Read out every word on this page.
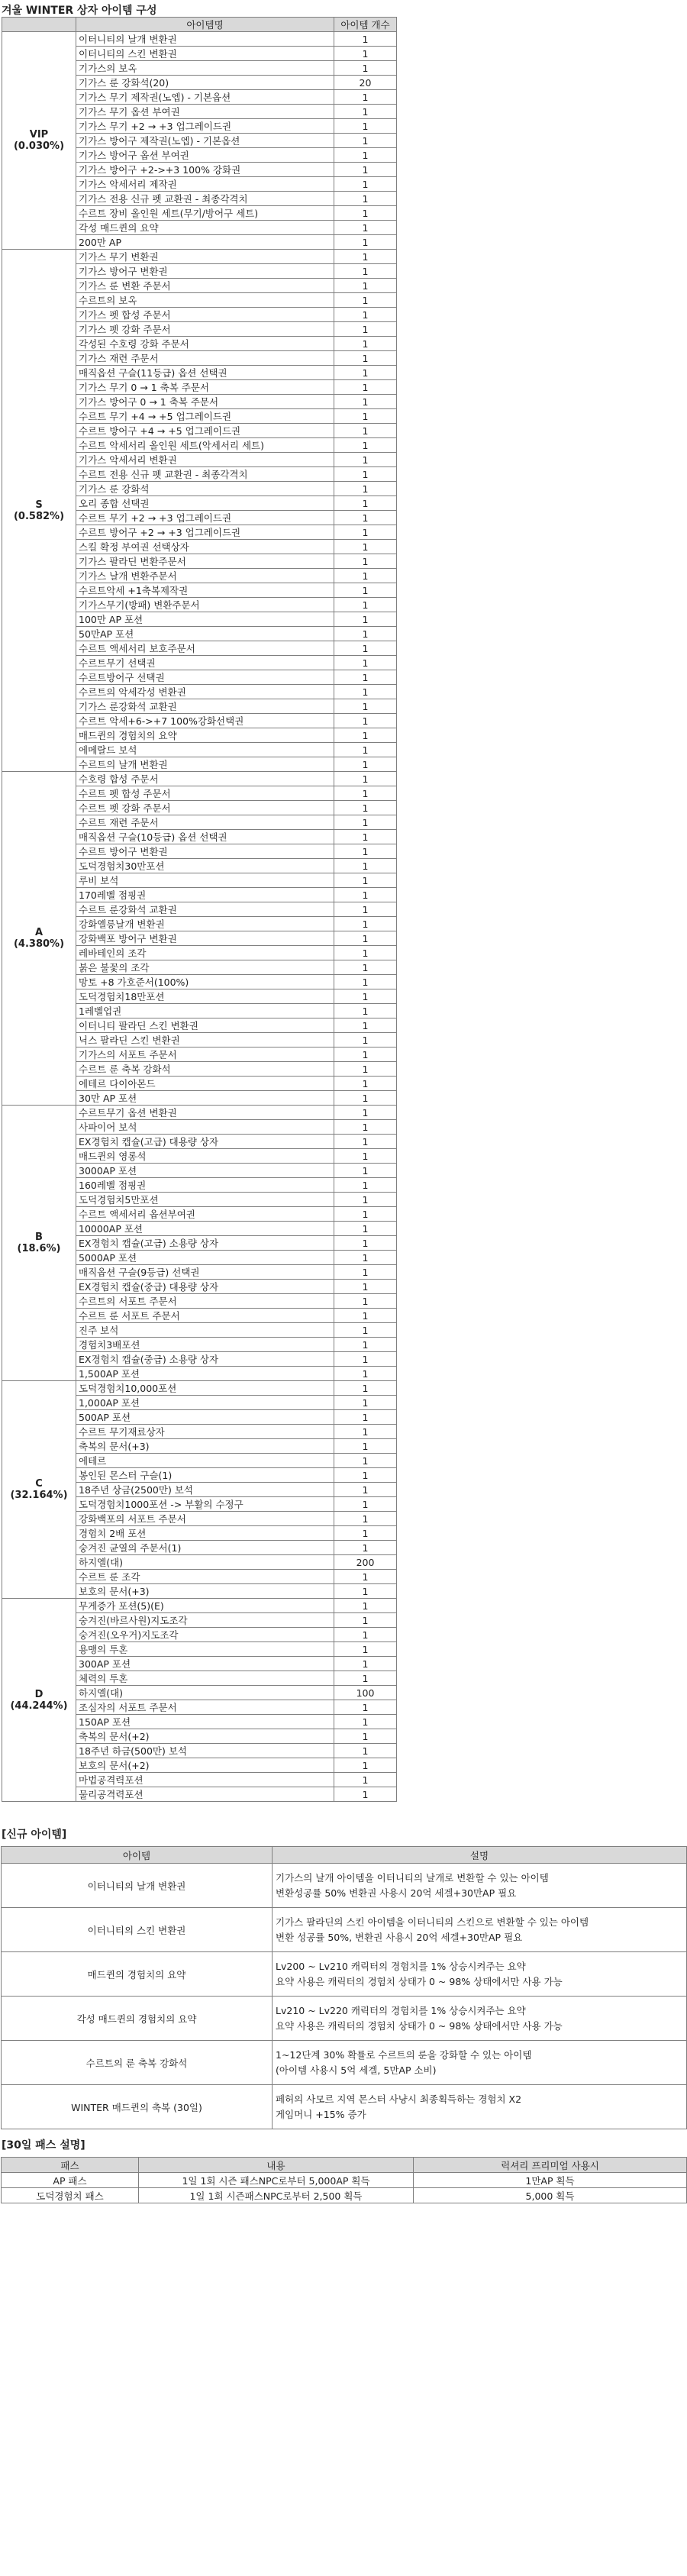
겨울 WINTER 상자 아이템 구성
	아이템명	아이템 개수

VIP
(0.030%)	이터니티의 날개 변환권	1
	이터니티의 스킨 변환권	1
	기가스의 보옥	1
	기가스 룬 강화석(20)	20
	기가스 무기 제작권(노엡) - 기본옵션	1
	기가스 무기 옵션 부여권	1
	기가스 무기 +2 → +3 업그레이드권	1
	기가스 방어구 제작권(노엡) - 기본옵션	1
	기가스 방어구 옵션 부여권	1
	기가스 방어구 +2->+3 100% 강화권	1
	기가스 악세서리 제작권	1
	기가스 전용 신규 펫 교환권 - 최종각격치	1
	수르트 장비 올인원 세트(무기/방어구 세트)	1
	각성 매드퀸의 요약	1
	200만 AP	1

S
(0.582%)	기가스 무기 변환권	1
	기가스 방어구 변환권	1
	기가스 룬 변환 주문서	1
	수르트의 보옥	1
	기가스 펫 합성 주문서	1
	기가스 펫 강화 주문서	1
	각성된 수호령 강화 주문서	1
	기가스 재련 주문서	1
	매직옵션 구슬(11등급) 옵션 선택권	1
	기가스 무기 0 → 1 축복 주문서	1
	기가스 방어구 0 → 1 축복 주문서	1
	수르트 무기 +4 → +5 업그레이드권	1
	수르트 방어구 +4 → +5 업그레이드권	1
	수르트 악세서리 올인원 세트(악세서리 세트)	1
	기가스 악세서리 변환권	1
	수르트 전용 신규 펫 교환권 - 최종각격치	1
	기가스 룬 강화석	1
	오리 종합 선택권	1
	수르트 무기 +2 → +3 업그레이드권	1
	수르트 방어구 +2 → +3 업그레이드권	1
	스킬 확정 부여권 선택상자	1
	기가스 팔라딘 변환주문서	1
	기가스 날개 변환주문서	1
	수르트악세 +1축복제작권	1
	기가스무기(방패) 변환주문서	1
	100만 AP 포션	1
	50만AP 포션	1
	수르트 액세서리 보호주문서	1
	수르트무기 선택권	1
	수르트방어구 선택권	1
	수르트의 악세각성 변환권	1
	기가스 룬강화석 교환권	1
	수르트 악세+6->+7 100%강화선택권	1
	매드퀸의 경험치의 요약	1
	에메랄드 보석	1
	수르트의 날개 변환권	1

A
(4.380%)	수호령 합성 주문서	1
	수르트 펫 합성 주문서	1
	수르트 펫 강화 주문서	1
	수르트 재련 주문서	1
	매직옵션 구슬(10등급) 옵션 선택권	1
	수르트 방어구 변환권	1
	도덕경험치30만포션	1
	루비 보석	1
	170레벨 점핑권	1
	수르트 룬강화석 교환권	1
	강화엘릉날개 변환권	1
	강화백포 방어구 변환권	1
	레바테인의 조각	1
	붉은 불꽃의 조각	1
	망토 +8 가호준서(100%)	1
	도덕경험치18만포션	1
	1레벨업권	1
	이터니티 팔라딘 스킨 변환권	1
	닉스 팔라딘 스킨 변환권	1
	기가스의 서포트 주문서	1
	수르트 룬 축복 강화석	1
	에테르 다이아몬드	1
	30만 AP 포션	1

B
(18.6%)	수르트무기 옵션 변환권	1
	사파이어 보석	1
	EX경험치 캡슐(고급) 대용량 상자	1
	매드퀸의 영롱석	1
	3000AP 포션	1
	160레벨 점핑권	1
	도덕경험치5만포션	1
	수르트 액세서리 옵션부여권	1
	10000AP 포션	1
	EX경험치 캡슐(고급) 소용량 상자	1
	5000AP 포션	1
	매직옵션 구슬(9등급) 선택권	1
	EX경험치 캡슐(중급) 대용량 상자	1
	수르트의 서포트 주문서	1
	수르트 룬 서포트 주문서	1
	진주 보석	1
	경험치3배포션	1
	EX경험치 캡슐(중급) 소용량 상자	1
	1,500AP 포션	1

C
(32.164%)	도덕경험치10,000포션	1
	1,000AP 포션	1
	500AP 포션	1
	수르트 무기재료상자	1
	축복의 문서(+3)	1
	에테르	1
	봉인된 몬스터 구슬(1)	1
	18주년 상금(2500만) 보석	1
	도덕경험치1000포션 -> 부활의 수정구	1
	강화백포의 서포트 주문서	1
	경험치 2배 포션	1
	숭겨진 균열의 주문서(1)	1
	하지엘(대)	200
	수르트 룬 조각	1
	보호의 문서(+3)	1

D
(44.244%)	무게증가 포션(5)(E)	1
	숭겨진(바르사원)지도조각	1
	숭겨진(오우거)지도조각	1
	용맹의 투혼	1
	300AP 포션	1
	체력의 투혼	1
	하지엘(대)	100
	조심자의 서포트 주문서	1
	150AP 포션	1
	축복의 문서(+2)	1
	18주년 하금(500만) 보석	1
	보호의 문서(+2)	1
	마법공격력포션	1
	물리공격력포션	1
[신규 아이템]
아이템	설명
이터니티의 날개 변환권	기가스의 날개 아이템을 이터니티의 날개로 변환할 수 있는 아이템
변환성공률 50% 변환권 사용시 20억 세겔+30만AP 필요
이터니티의 스킨 변환권	기가스 팔라딘의 스킨 아이템을 이터니티의 스킨으로 변환할 수 있는 아이템
변환 성공률 50%, 변환권 사용시 20억 세겔+30만AP 필요
매드퀸의 경험치의 요약	Lv200 ~ Lv210 캐릭터의 경험치를 1% 상승시켜주는 요약
요약 사용은 캐릭터의 경험치 상태가 0 ~ 98% 상태에서만 사용 가능
각성 매드퀸의 경험치의 요약	Lv210 ~ Lv220 캐릭터의 경험치를 1% 상승시켜주는 요약
요약 사용은 캐릭터의 경험치 상태가 0 ~ 98% 상태에서만 사용 가능
수르트의 룬 축복 강화석	1~12단계 30% 확률로 수르트의 룬을 강화할 수 있는 아이템
(아이템 사용시 5억 세겔, 5만AP 소비)
WINTER 매드퀸의 축복 (30일)	페허의 사모르 지역 몬스터 사냥시 최종획득하는 경험치 X2
게임머니 +15% 증가
[30일 패스 설명]
패스	내용	럭셔리 프리미엄 사용시
AP 패스	1일 1회 시즌 패스NPC로부터 5,000AP 획득	1만AP 획득
도덕경험치 패스	1일 1회 시즌패스NPC로부터 2,500 획득	5,000 획득
